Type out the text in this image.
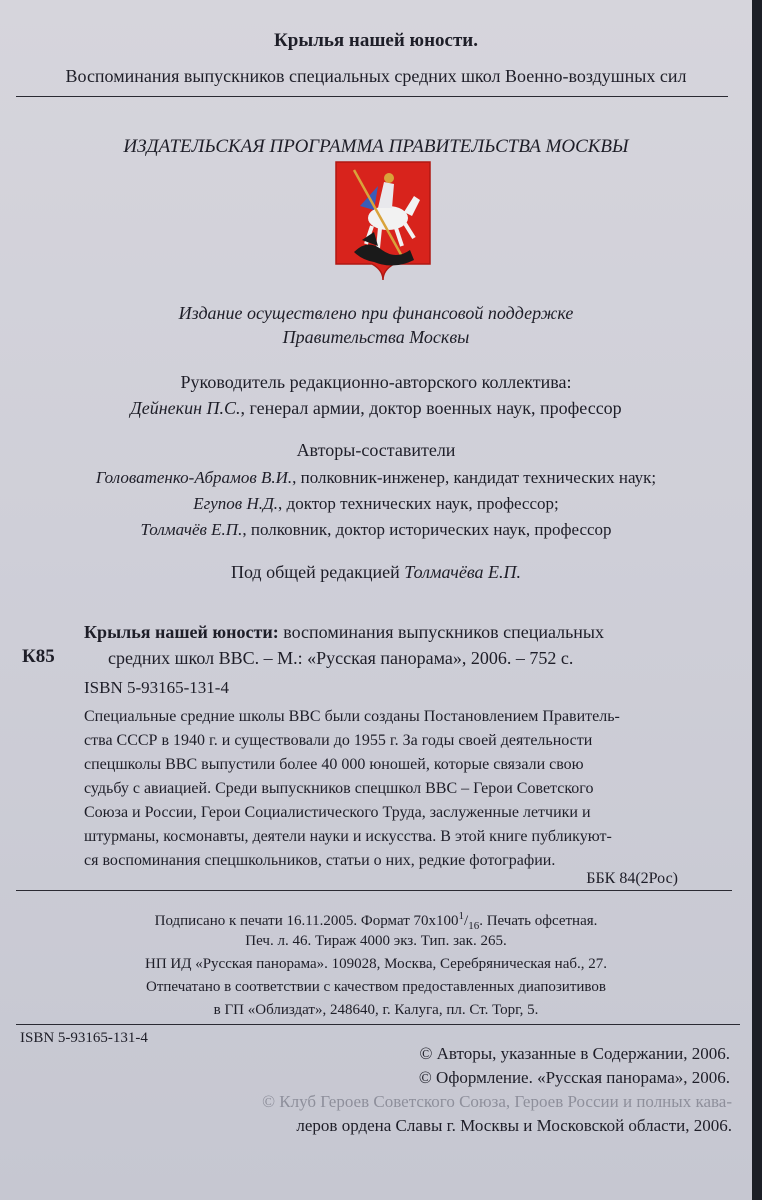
Крылья нашей юности.
Воспоминания выпускников специальных средних школ Военно-воздушных сил
ИЗДАТЕЛЬСКАЯ ПРОГРАММА ПРАВИТЕЛЬСТВА МОСКВЫ
Издание осуществлено при финансовой поддержке
Правительства Москвы
Руководитель редакционно-авторского коллектива:
Дейнекин П.С., генерал армии, доктор военных наук, профессор
Авторы-составители
Головатенко-Абрамов В.И., полковник-инженер, кандидат технических наук;
Егупов Н.Д., доктор технических наук, профессор;
Толмачёв Е.П., полковник, доктор исторических наук, профессор
Под общей редакцией Толмачёва Е.П.
К85
Крылья нашей юности: воспоминания выпускников специальных
средних школ ВВС. – М.: «Русская панорама», 2006. – 752 с.
ISBN 5-93165-131-4
Специальные средние школы ВВС были созданы Постановлением Правитель-
ства СССР в 1940 г. и существовали до 1955 г. За годы своей деятельности
спецшколы ВВС выпустили более 40 000 юношей, которые связали свою
судьбу с авиацией. Среди выпускников спецшкол ВВС – Герои Советского
Союза и России, Герои Социалистического Труда, заслуженные летчики и
штурманы, космонавты, деятели науки и искусства. В этой книге публикуют-
ся воспоминания спецшкольников, статьи о них, редкие фотографии.
ББК 84(2Рос)
Подписано к печати 16.11.2005. Формат $70х100^1/_{16}$. Печать офсетная.
Печ. л. 46. Тираж 4000 экз. Тип. зак. 265.
НП ИД «Русская панорама». 109028, Москва, Серебряническая наб., 27.
Отпечатано в соответствии с качеством предоставленных диапозитивов
в ГП «Облиздат», 248640, г. Калуга, пл. Ст. Торг, 5.
ISBN 5-93165-131-4
© Авторы, указанные в Содержании, 2006.
© Оформление. «Русская панорама», 2006.
© Клуб Героев Советского Союза, Героев России и полных кава-
леров ордена Славы г. Москвы и Московской области, 2006.
